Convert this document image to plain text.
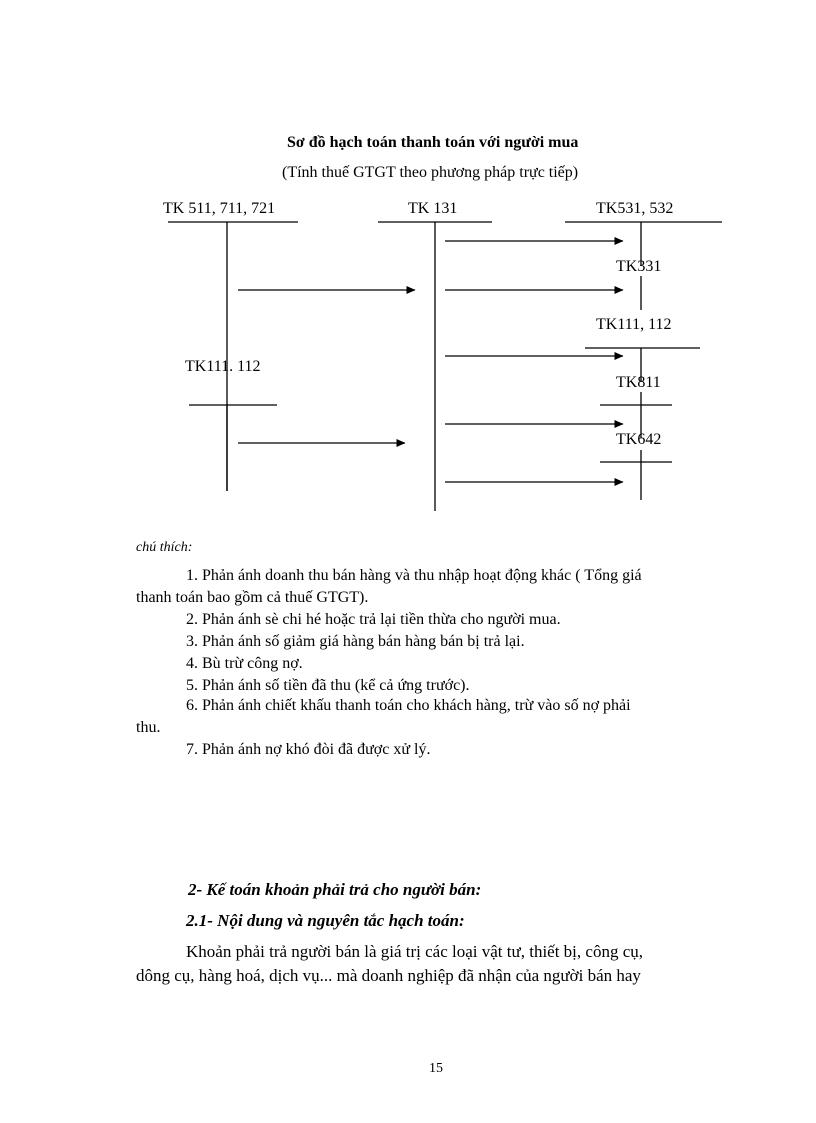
Sơ đồ hạch toán thanh toán với người mua
(Tính thuế GTGT theo phương pháp trực tiếp)
TK 511, 711, 721	TK 131	TK531, 532
TK331
TK111, 112
TK111. 112
TK811
TK642
chú thích:
1. Phản ánh doanh thu bán hàng và thu nhập hoạt động khác ( Tổng giá
thanh toán bao gồm cả thuế GTGT).
2. Phản ánh sè chi hé hoặc trả lại tiền thừa cho người mua.
3. Phản ánh số giảm giá hàng bán hàng bán bị trả lại.
4. Bù trừ công nợ.
5. Phản ánh số tiền đã thu (kể cả ứng trước).
6. Phản ánh chiết khấu thanh toán cho khách hàng, trừ vào số nợ phải
thu.
7. Phản ánh nợ khó đòi đã được xử lý.
2- Kế toán khoản phải trả cho người bán:
2.1- Nội dung và nguyên tắc hạch toán:
Khoản phải trả người bán là giá trị các loại vật tư, thiết bị, công cụ,
dông cụ, hàng hoá, dịch vụ... mà doanh nghiệp đã nhận của người bán hay
15
